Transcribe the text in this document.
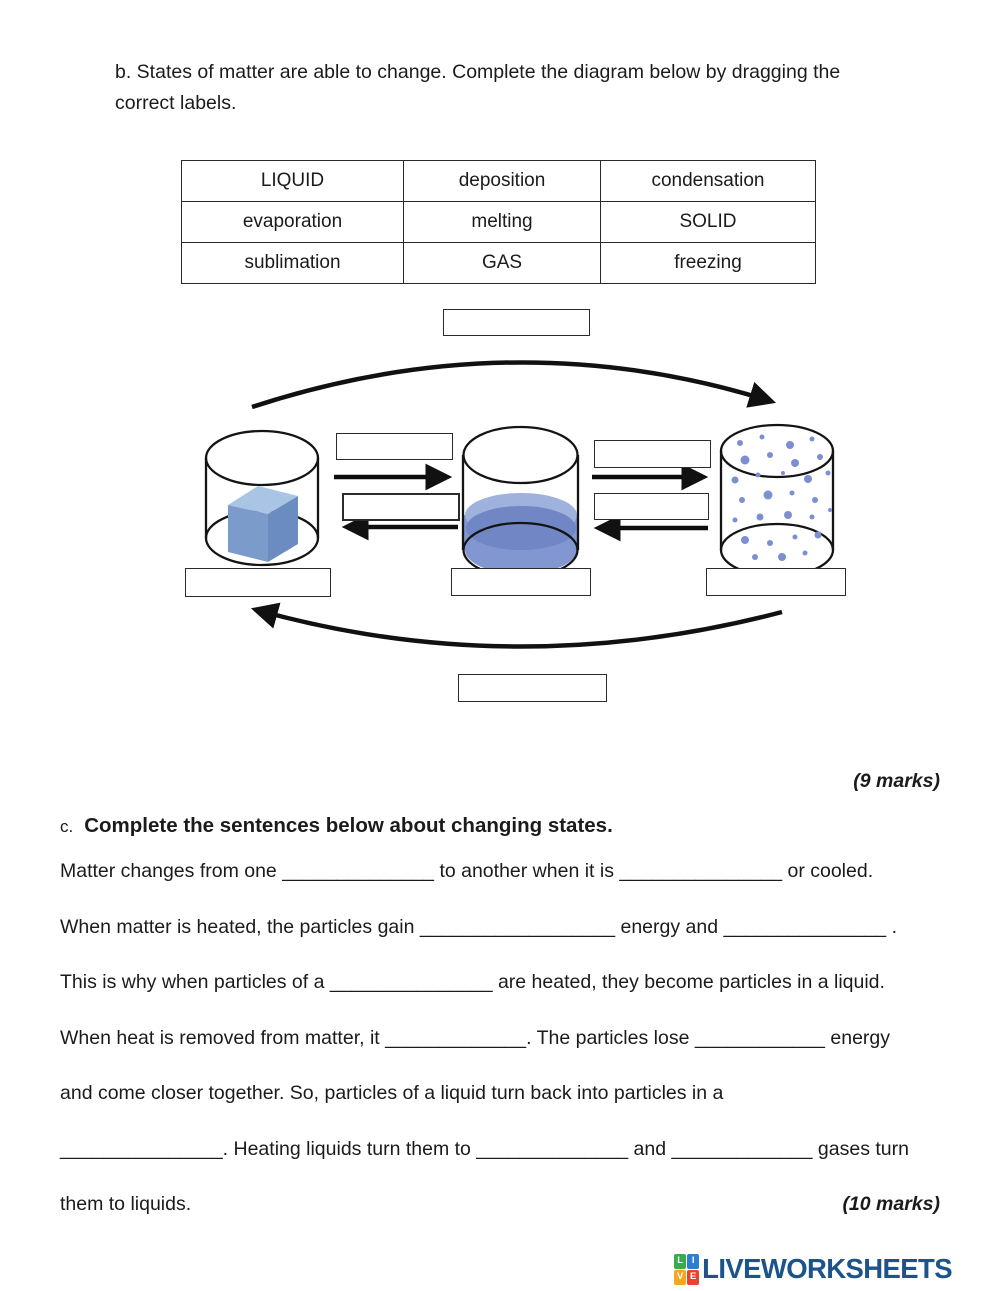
b. States of matter are able to change. Complete the diagram below by dragging the

correct labels.

LIQUID	deposition	condensation
evaporation	melting	SOLID
sublimation	GAS	freezing
(9 marks)
c. Complete the sentences below about changing states.

Matter changes from one ______________ to another when it is _______________ or cooled.

When matter is heated, the particles gain __________________ energy and _______________ .

This is why when particles of a _______________ are heated, they become particles in a liquid.

When heat is removed from matter, it _____________. The particles lose ____________ energy

and come closer together. So, particles of a liquid turn back into particles in a

_______________. Heating liquids turn them to ______________ and _____________ gases turn

them to liquids.	(10 marks)
L I
V E LIVEWORKSHEETS
